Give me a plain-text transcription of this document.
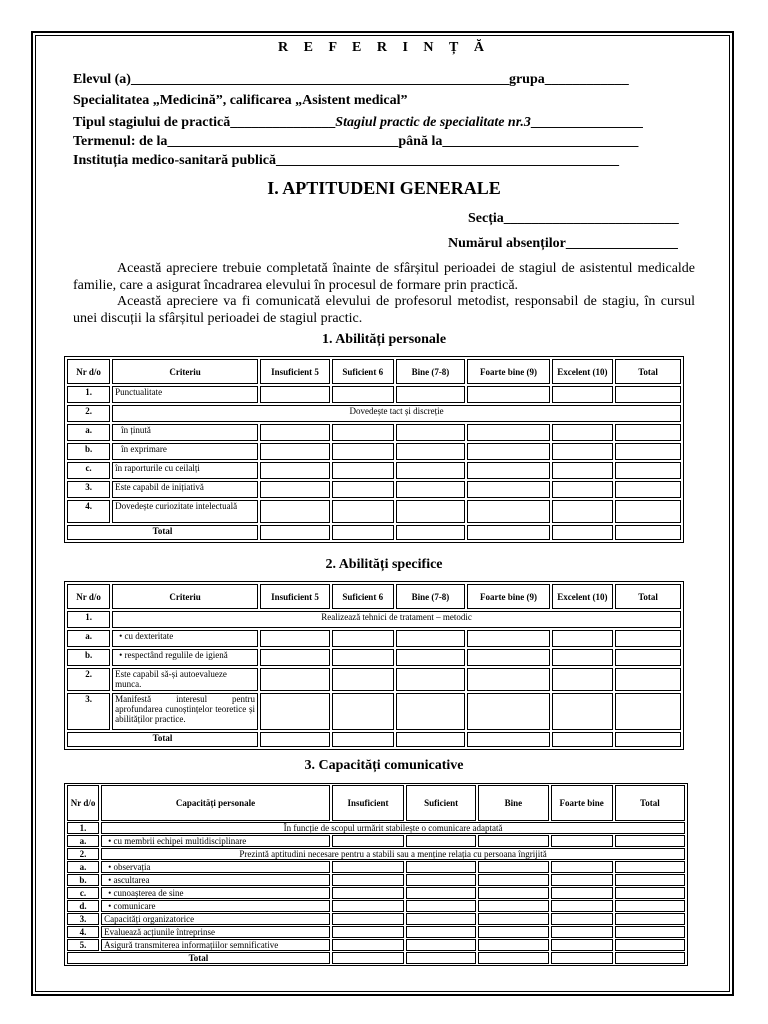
R E F E R I N Ț Ă
Elevul (a)______________________________________________________grupa____________
Specialitatea „Medicină”, calificarea „Asistent medical”
Tipul stagiului de practică_______________Stagiul practic de specialitate nr.3________________
Termenul: de la_________________________________până la____________________________
Instituția medico-sanitară publică_________________________________________________
I. APTITUDENI GENERALE
Secția_________________________
Numărul absenților________________
Această apreciere trebuie completată înainte de sfârșitul perioadei de stagiul de asistentul medicalde familie, care a asigurat încadrarea elevului în procesul de formare prin practică.
Această apreciere va fi comunicată elevului de profesorul metodist, responsabil de stagiu, în cursul unei discuții la sfârșitul perioadei de stagiul practic.
1. Abilități personale
Nr d/o	Criteriu	Insuficient 5	Suficient 6	Bine (7-8)	Foarte bine (9)	Excelent (10)	Total
1.	Punctualitate						
2.	Dovedește tact și discreție						
a.	în ținută						
b.	în exprimare						
c.	în raporturile cu ceilalți						
3.	Este capabil de inițiativă						
4.	Dovedește curiozitate intelectuală						
Total							
2. Abilități specifice
Nr d/o	Criteriu	Insuficient 5	Suficient 6	Bine (7-8)	Foarte bine (9)	Excelent (10)	Total
1.	Realizează tehnici de tratament – metodic						
a.	• cu dexteritate						
b.	• respectând regulile de igienă						
2.	Este capabil să-și autoevalueze munca.						
3.	Manifestă interesul pentru aprofundarea cunoștințelor teoretice și abilităților practice.						
Total							
3. Capacități comunicative
Nr d/o	Capacități personale	Insuficient	Suficient	Bine	Foarte bine	Total
1.	În funcție de scopul urmărit stabilește o comunicare adaptată					
a.	• cu membrii echipei multidisciplinare					
2.	Prezintă aptitudini necesare pentru a stabili sau a menține relația cu persoana îngrijită					
a.	• observația					
b.	• ascultarea					
c.	• cunoașterea de sine					
d.	• comunicare					
3.	Capacități organizatorice					
4.	Evaluează acțiunile întreprinse					
5.	Asigură transmiterea informațiilor semnificative					
Total						
